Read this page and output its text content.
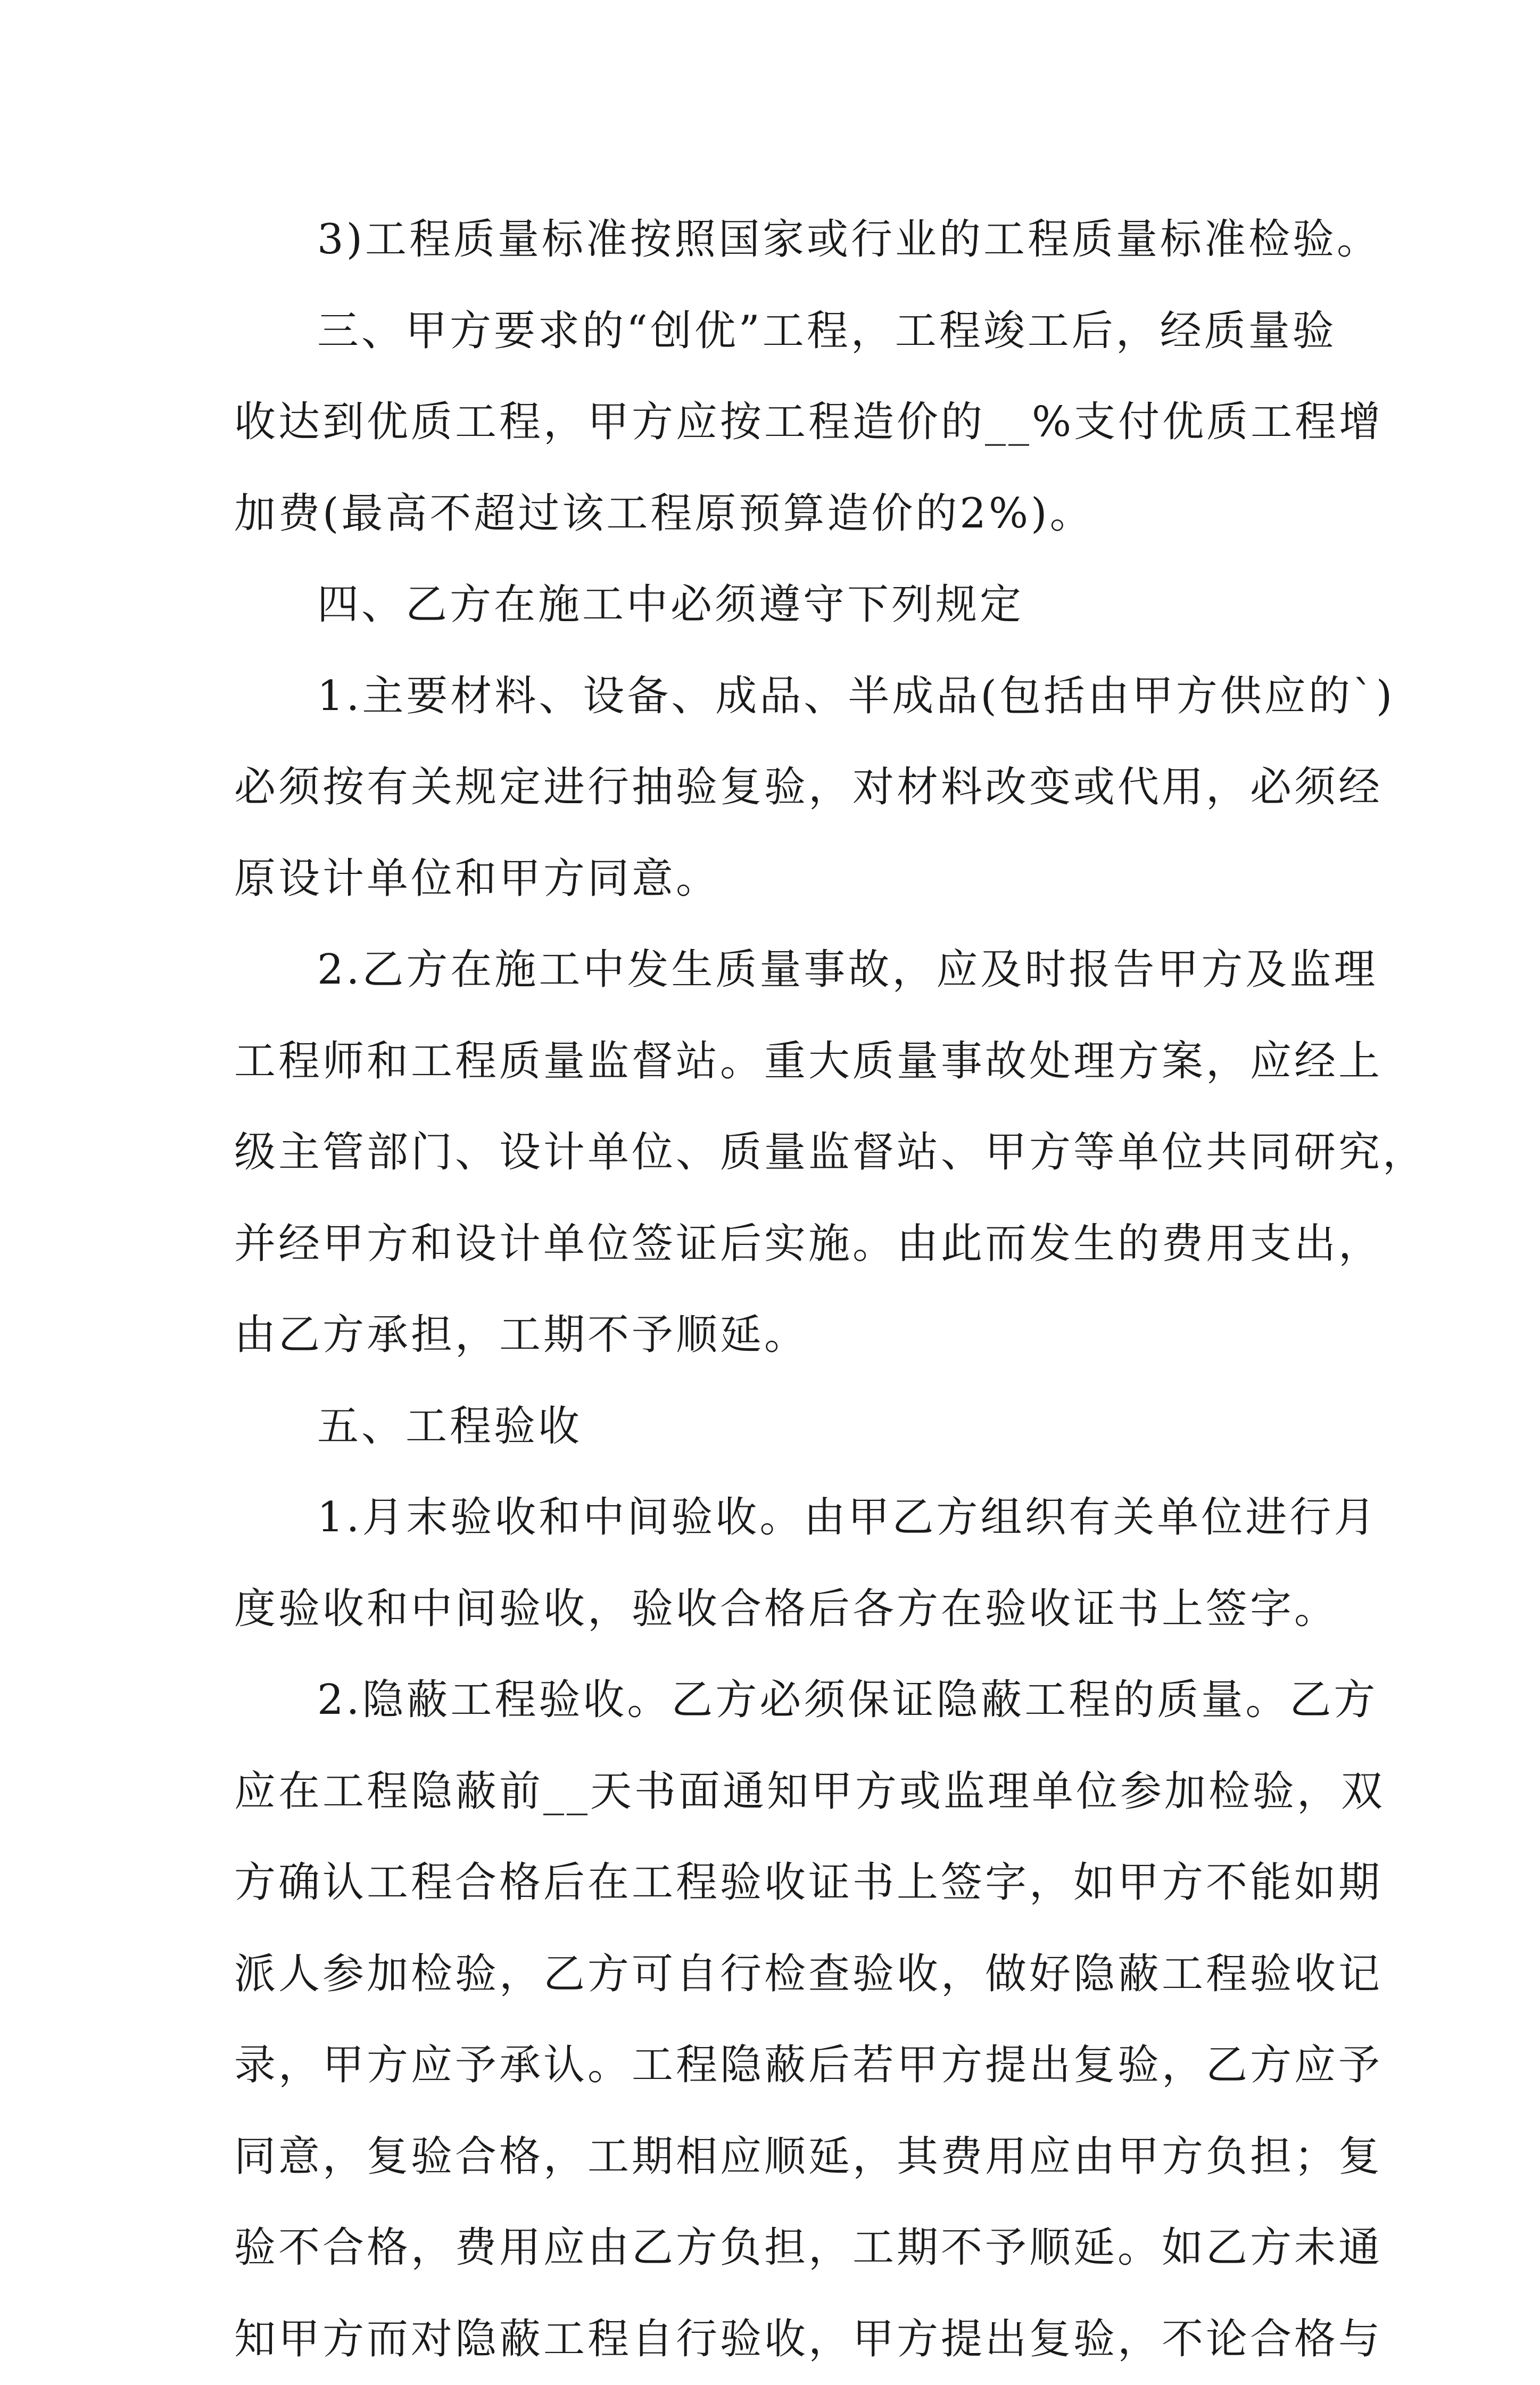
3)工程质量标准按照国家或行业的工程质量标准检验。
三、甲方要求的“创优”工程，工程竣工后，经质量验
收达到优质工程，甲方应按工程造价的__%支付优质工程增
加费(最高不超过该工程原预算造价的2%)。
四、乙方在施工中必须遵守下列规定
1.主要材料、设备、成品、半成品(包括由甲方供应的`)
必须按有关规定进行抽验复验，对材料改变或代用，必须经
原设计单位和甲方同意。
2.乙方在施工中发生质量事故，应及时报告甲方及监理
工程师和工程质量监督站。重大质量事故处理方案，应经上
级主管部门、设计单位、质量监督站、甲方等单位共同研究，
并经甲方和设计单位签证后实施。由此而发生的费用支出，
由乙方承担，工期不予顺延。
五、工程验收
1.月末验收和中间验收。由甲乙方组织有关单位进行月
度验收和中间验收，验收合格后各方在验收证书上签字。
2.隐蔽工程验收。乙方必须保证隐蔽工程的质量。乙方
应在工程隐蔽前__天书面通知甲方或监理单位参加检验，双
方确认工程合格后在工程验收证书上签字，如甲方不能如期
派人参加检验，乙方可自行检查验收，做好隐蔽工程验收记
录，甲方应予承认。工程隐蔽后若甲方提出复验，乙方应予
同意，复验合格，工期相应顺延，其费用应由甲方负担；复
验不合格，费用应由乙方负担，工期不予顺延。如乙方未通
知甲方而对隐蔽工程自行验收，甲方提出复验，不论合格与
